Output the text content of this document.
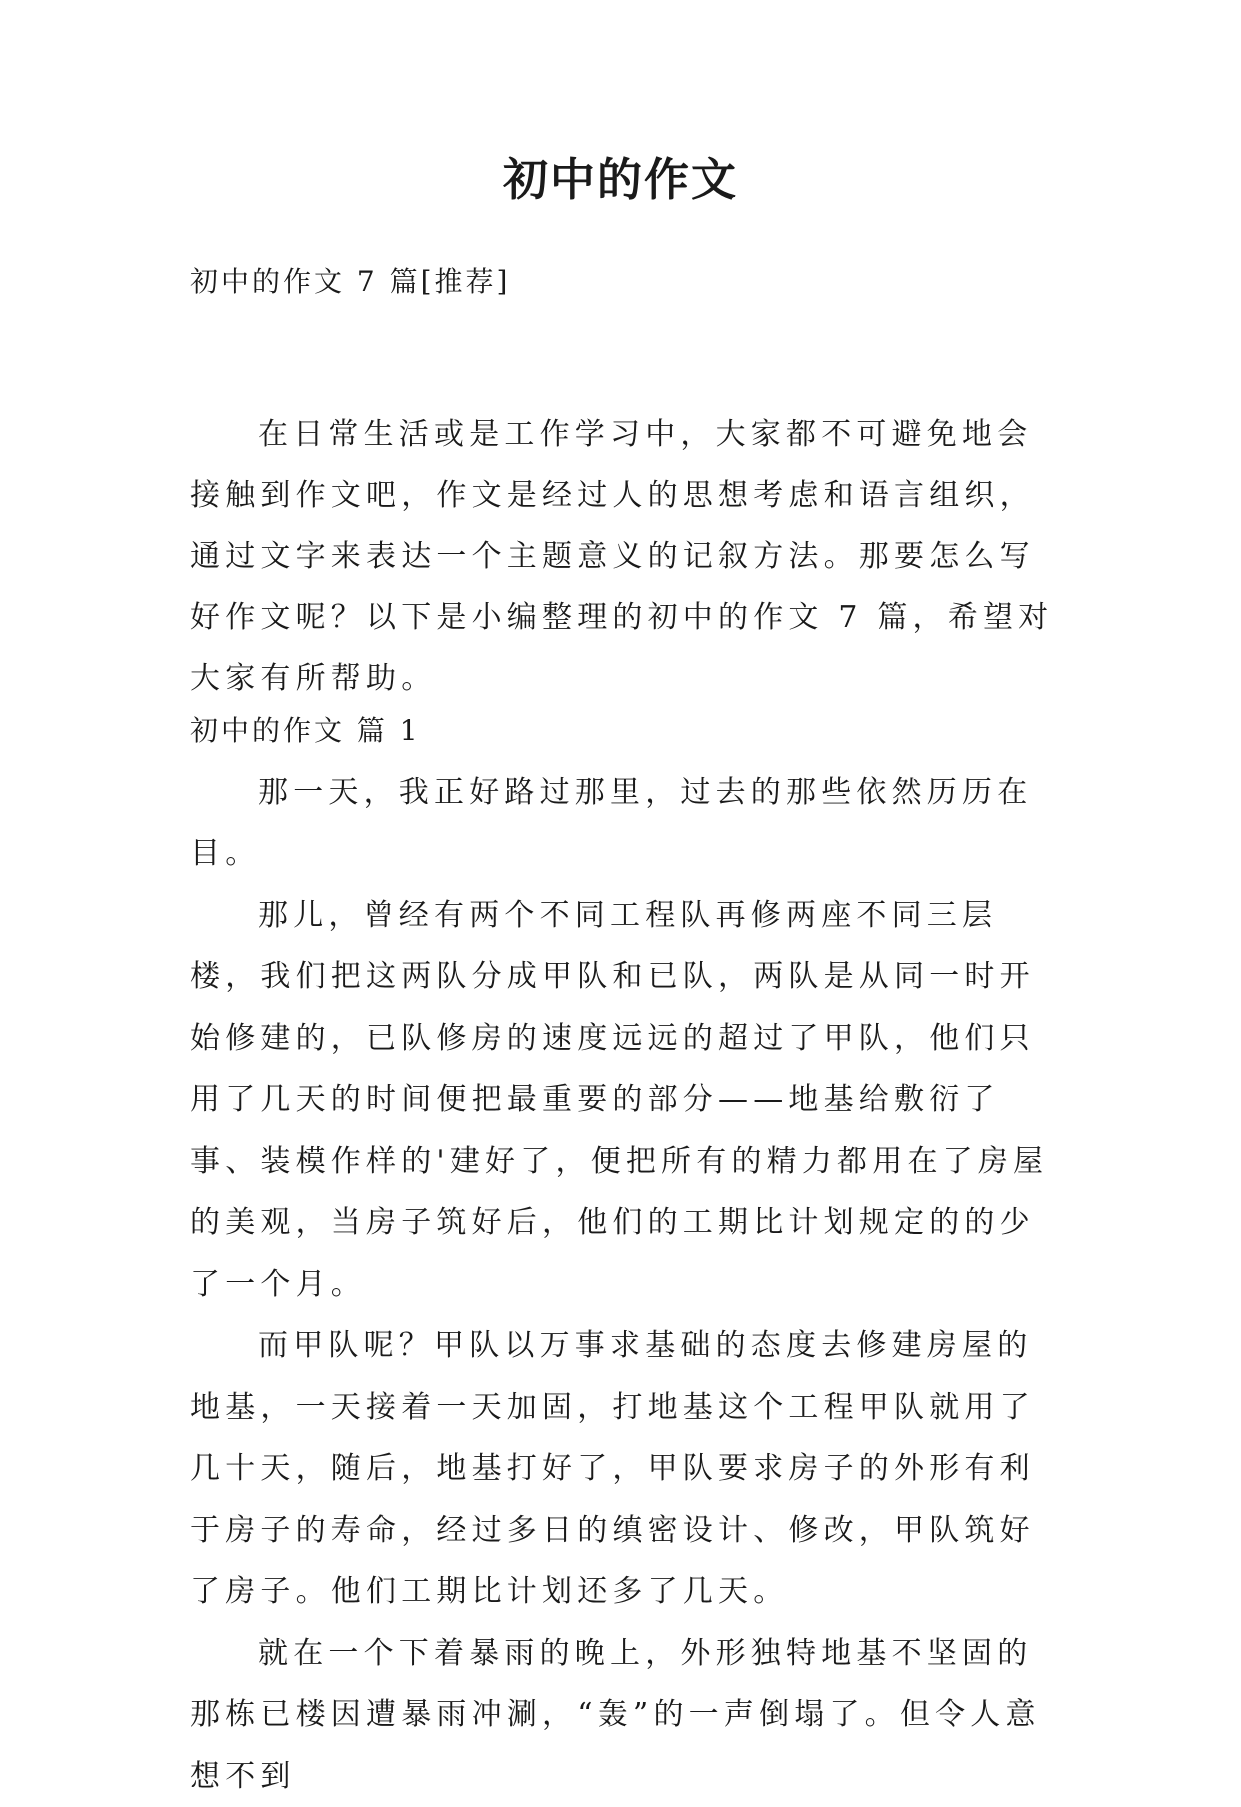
初中的作文

初中的作文 7 篇[推荐]

在日常生活或是工作学习中，大家都不可避免地会接触到作文吧，作文是经过人的思想考虑和语言组织，通过文字来表达一个主题意义的记叙方法。那要怎么写好作文呢？以下是小编整理的初中的作文 7 篇，希望对大家有所帮助。

初中的作文 篇 1

那一天，我正好路过那里，过去的那些依然历历在目。

那儿，曾经有两个不同工程队再修两座不同三层楼，我们把这两队分成甲队和已队，两队是从同一时开始修建的，已队修房的速度远远的超过了甲队，他们只用了几天的时间便把最重要的部分——地基给敷衍了事、装模作样的'建好了，便把所有的精力都用在了房屋的美观，当房子筑好后，他们的工期比计划规定的的少了一个月。

而甲队呢？甲队以万事求基础的态度去修建房屋的地基，一天接着一天加固，打地基这个工程甲队就用了几十天，随后，地基打好了，甲队要求房子的外形有利于房子的寿命，经过多日的缜密设计、修改，甲队筑好了房子。他们工期比计划还多了几天。

就在一个下着暴雨的晚上，外形独特地基不坚固的那栋已楼因遭暴雨冲涮，“轰”的一声倒塌了。但令人意想不到
